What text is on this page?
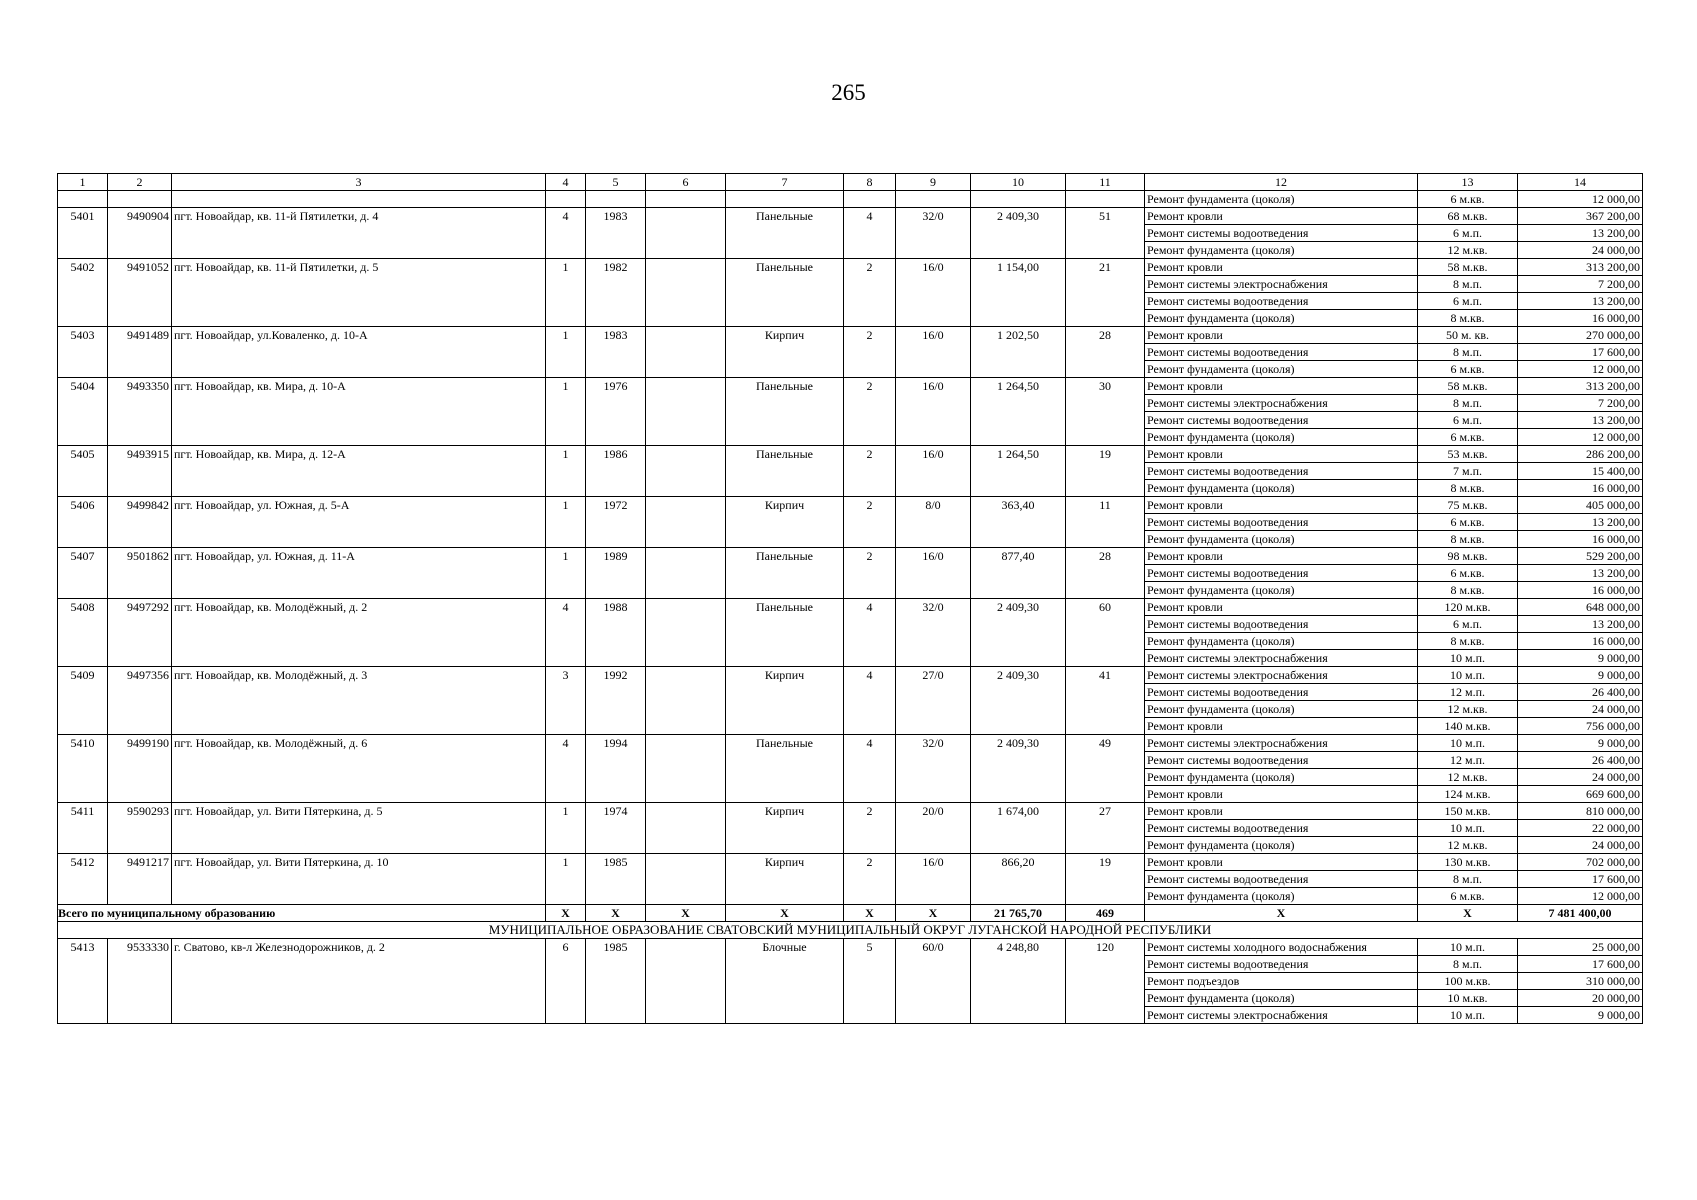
265
1	2	3	4	5	6	7	8	9	10	11	12	13	14
											Ремонт фундамента (цоколя)	6 м.кв.	12 000,00
5401	9490904	пгт. Новоайдар, кв. 11-й Пятилетки, д. 4	4	1983		Панельные	4	32/0	2 409,30	51	Ремонт кровли	68 м.кв.	367 200,00
											Ремонт системы водоотведения	6 м.п.	13 200,00
											Ремонт фундамента (цоколя)	12 м.кв.	24 000,00
5402	9491052	пгт. Новоайдар, кв. 11-й Пятилетки, д. 5	1	1982		Панельные	2	16/0	1 154,00	21	Ремонт кровли	58 м.кв.	313 200,00
											Ремонт системы электроснабжения	8 м.п.	7 200,00
											Ремонт системы водоотведения	6 м.п.	13 200,00
											Ремонт фундамента (цоколя)	8 м.кв.	16 000,00
5403	9491489	пгт. Новоайдар, ул.Коваленко, д. 10-А	1	1983		Кирпич	2	16/0	1 202,50	28	Ремонт кровли	50 м. кв.	270 000,00
											Ремонт системы водоотведения	8 м.п.	17 600,00
											Ремонт фундамента (цоколя)	6 м.кв.	12 000,00
5404	9493350	пгт. Новоайдар, кв. Мира, д. 10-А	1	1976		Панельные	2	16/0	1 264,50	30	Ремонт кровли	58 м.кв.	313 200,00
											Ремонт системы электроснабжения	8 м.п.	7 200,00
											Ремонт системы водоотведения	6 м.п.	13 200,00
											Ремонт фундамента (цоколя)	6 м.кв.	12 000,00
5405	9493915	пгт. Новоайдар, кв. Мира, д. 12-А	1	1986		Панельные	2	16/0	1 264,50	19	Ремонт кровли	53 м.кв.	286 200,00
											Ремонт системы водоотведения	7 м.п.	15 400,00
											Ремонт фундамента (цоколя)	8 м.кв.	16 000,00
5406	9499842	пгт. Новоайдар, ул. Южная, д. 5-А	1	1972		Кирпич	2	8/0	363,40	11	Ремонт кровли	75 м.кв.	405 000,00
											Ремонт системы водоотведения	6 м.кв.	13 200,00
											Ремонт фундамента (цоколя)	8 м.кв.	16 000,00
5407	9501862	пгт. Новоайдар, ул. Южная, д. 11-А	1	1989		Панельные	2	16/0	877,40	28	Ремонт кровли	98 м.кв.	529 200,00
											Ремонт системы водоотведения	6 м.кв.	13 200,00
											Ремонт фундамента (цоколя)	8 м.кв.	16 000,00
5408	9497292	пгт. Новоайдар, кв. Молодёжный, д. 2	4	1988		Панельные	4	32/0	2 409,30	60	Ремонт кровли	120 м.кв.	648 000,00
											Ремонт системы водоотведения	6 м.п.	13 200,00
											Ремонт фундамента (цоколя)	8 м.кв.	16 000,00
											Ремонт системы электроснабжения	10 м.п.	9 000,00
5409	9497356	пгт. Новоайдар, кв. Молодёжный, д. 3	3	1992		Кирпич	4	27/0	2 409,30	41	Ремонт системы электроснабжения	10 м.п.	9 000,00
											Ремонт системы водоотведения	12 м.п.	26 400,00
											Ремонт фундамента (цоколя)	12 м.кв.	24 000,00
											Ремонт кровли	140 м.кв.	756 000,00
5410	9499190	пгт. Новоайдар, кв. Молодёжный, д. 6	4	1994		Панельные	4	32/0	2 409,30	49	Ремонт системы электроснабжения	10 м.п.	9 000,00
											Ремонт системы водоотведения	12 м.п.	26 400,00
											Ремонт фундамента (цоколя)	12 м.кв.	24 000,00
											Ремонт кровли	124 м.кв.	669 600,00
5411	9590293	пгт. Новоайдар, ул. Вити Пятеркина, д. 5	1	1974		Кирпич	2	20/0	1 674,00	27	Ремонт кровли	150 м.кв.	810 000,00
											Ремонт системы водоотведения	10 м.п.	22 000,00
											Ремонт фундамента (цоколя)	12 м.кв.	24 000,00
5412	9491217	пгт. Новоайдар, ул. Вити Пятеркина, д. 10	1	1985		Кирпич	2	16/0	866,20	19	Ремонт кровли	130 м.кв.	702 000,00
											Ремонт системы водоотведения	8 м.п.	17 600,00
											Ремонт фундамента (цоколя)	6 м.кв.	12 000,00
Всего по муниципальному образованию			X	X	X	X	X	X	21 765,70	469	X	X	7 481 400,00
МУНИЦИПАЛЬНОЕ ОБРАЗОВАНИЕ СВАТОВСКИЙ МУНИЦИПАЛЬНЫЙ ОКРУГ ЛУГАНСКОЙ НАРОДНОЙ РЕСПУБЛИКИ													
5413	9533330	г. Сватово, кв-л Железнодорожников, д. 2	6	1985		Блочные	5	60/0	4 248,80	120	Ремонт системы холодного водоснабжения	10 м.п.	25 000,00
											Ремонт системы водоотведения	8 м.п.	17 600,00
											Ремонт подъездов	100 м.кв.	310 000,00
											Ремонт фундамента (цоколя)	10 м.кв.	20 000,00
											Ремонт системы электроснабжения	10 м.п.	9 000,00
